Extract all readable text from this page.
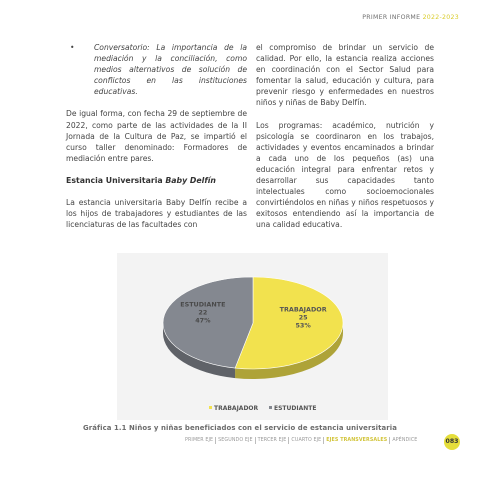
PRIMER INFORME 2022-2023
•	Conversatorio: La importancia de la mediación y la conciliación, como medios alternativos de solución de conflictos en las instituciones educativas.

De igual forma, con fecha 29 de septiembre de 2022, como parte de las actividades de la II Jornada de la Cultura de Paz, se impartió el curso taller denominado: Formadores de mediación entre pares.

Estancia Universitaria Baby Delfín

La estancia universitaria Baby Delfín recibe a los hijos de trabajadores y estudiantes de las licenciaturas de las facultades con

el compromiso de brindar un servicio de calidad. Por ello, la estancia realiza acciones en coordinación con el Sector Salud para fomentar la salud, educación y cultura, para prevenir riesgo y enfermedades en nuestros niños y niñas de Baby Delfín.

Los programas: académico, nutrición y psicología se coordinaron en los trabajos, actividades y eventos encaminados a brindar a cada uno de los pequeños (as) una educación integral para enfrentar retos y desarrollar sus capacidades tanto intelectuales como socioemocionales convirtiéndolos en niñas y niños respetuosos y exitosos entendiendo así la importancia de una calidad educativa.

TRABAJADOR
25
53%
ESTUDIANTE
22
47%
TRABAJADOR	ESTUDIANTE
Gráfica 1.1 Niños y niñas beneficiados con el servicio de estancia universitaria
PRIMER EJE	SEGUNDO EJE	TERCER EJE	CUARTO EJE	EJES TRANSVERSALES	APÉNDICE	083
